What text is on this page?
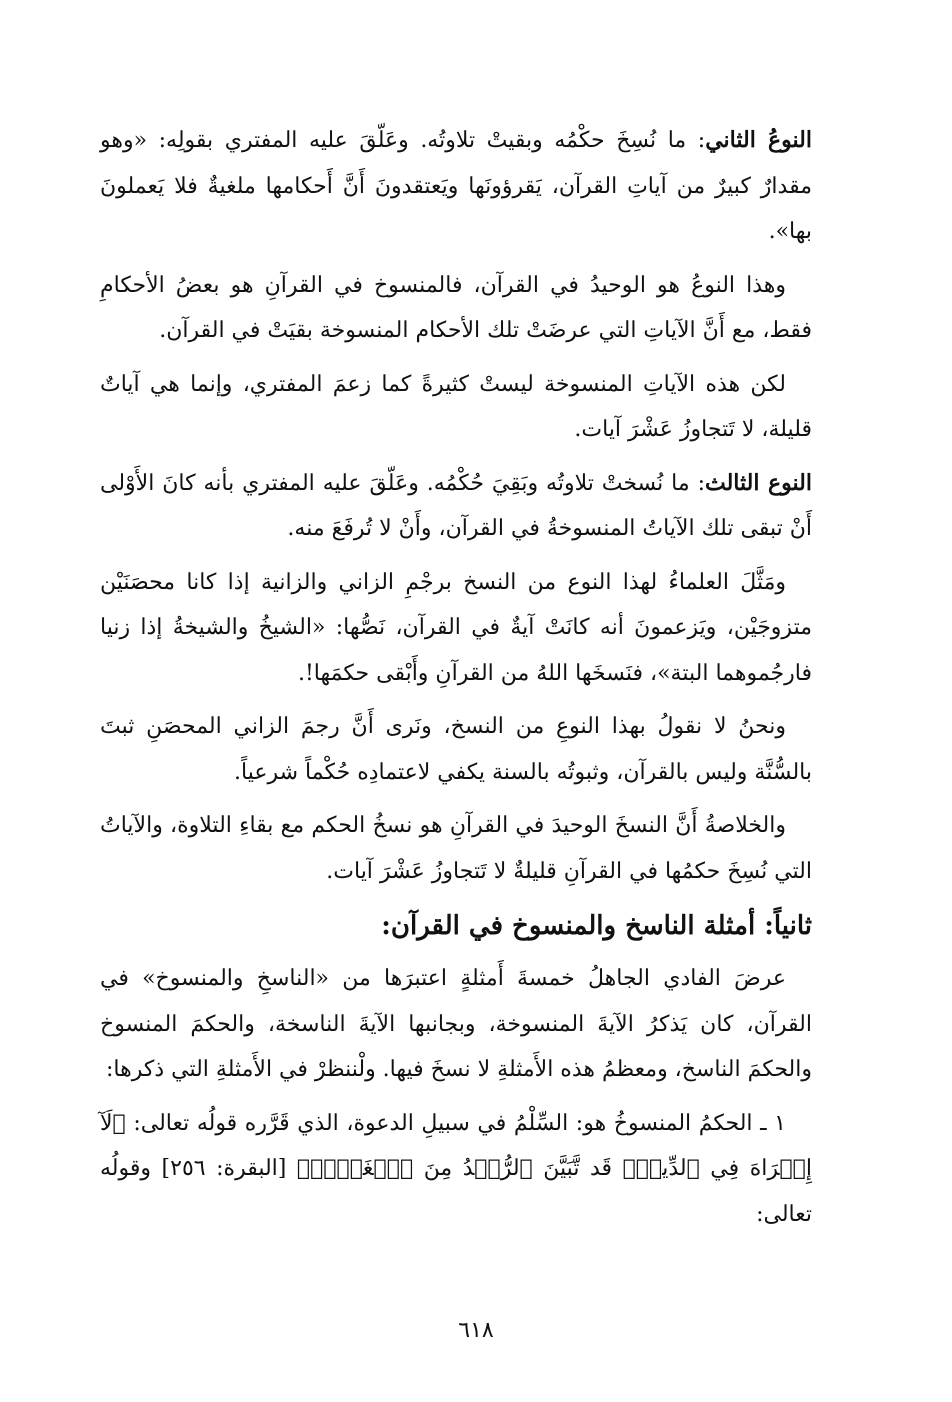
النوعُ الثاني: ما نُسِخَ حكْمُه وبقيتْ تلاوتُه. وعَلّقَ عليه المفتري بقولِه: «وهو مقدارٌ كبيرٌ من آياتِ القرآن، يَقرؤونَها ويَعتقدونَ أَنَّ أَحكامها ملغيةٌ فلا يَعملونَ بها».

وهذا النوعُ هو الوحيدُ في القرآن، فالمنسوخ في القرآنِ هو بعضُ الأحكامِ فقط، مع أَنَّ الآياتِ التي عرضَتْ تلك الأحكام المنسوخة بقيَتْ في القرآن.

لكن هذه الآياتِ المنسوخة ليستْ كثيرةً كما زعمَ المفتري، وإنما هي آياتٌ قليلة، لا تَتجاوزُ عَشْرَ آيات.

النوع الثالث: ما نُسختْ تلاوتُه وبَقِيَ حُكْمُه. وعَلّقَ عليه المفتري بأنه كانَ الأَوْلى أَنْ تبقى تلك الآياتُ المنسوخةُ في القرآن، وأَنْ لا تُرفَعَ منه.

ومَثَّلَ العلماءُ لهذا النوع من النسخ برجْمِ الزاني والزانية إذا كانا محصَنَيْن متزوجَيْن، ويَزعمونَ أنه كانَتْ آيةٌ في القرآن، نَصُّها: «الشيخُ والشيخةُ إذا زنيا فارجُموهما البتة»، فنَسخَها اللهُ من القرآنِ وأَبْقى حكمَها!.

ونحنُ لا نقولُ بهذا النوعِ من النسخ، ونَرى أَنَّ رجمَ الزاني المحصَنِ ثبتَ بالسُّنَّة وليس بالقرآن، وثبوتُه بالسنة يكفي لاعتمادِه حُكْماً شرعياً.

والخلاصةُ أَنَّ النسخَ الوحيدَ في القرآنِ هو نسخُ الحكم مع بقاءِ التلاوة، والآياتُ التي نُسِخَ حكمُها في القرآنِ قليلةٌ لا تَتجاوزُ عَشْرَ آيات.

ثانياً: أمثلة الناسخ والمنسوخ في القرآن:

عرضَ الفادي الجاهلُ خمسةَ أَمثلةٍ اعتبرَها من «الناسخِ والمنسوخ» في القرآن، كان يَذكرُ الآيةَ المنسوخة، وبجانبها الآيةَ الناسخة، والحكمَ المنسوخ والحكمَ الناسخ، ومعظمُ هذه الأَمثلةِ لا نسخَ فيها. ولْننظرْ في الأَمثلةِ التي ذكرها:

١ ـ الحكمُ المنسوخُ هو: السِّلْمُ في سبيلِ الدعوة، الذي قَرَّره قولُه تعالى: ﴿لَآ إِكۡرَاهَ فِي ٱلدِّينِۖ قَد تَّبَيَّنَ ٱلرُّشۡدُ مِنَ ٱلۡغَيِّۚ﴾ [البقرة: ٢٥٦] وقولُه تعالى:

٦١٨
